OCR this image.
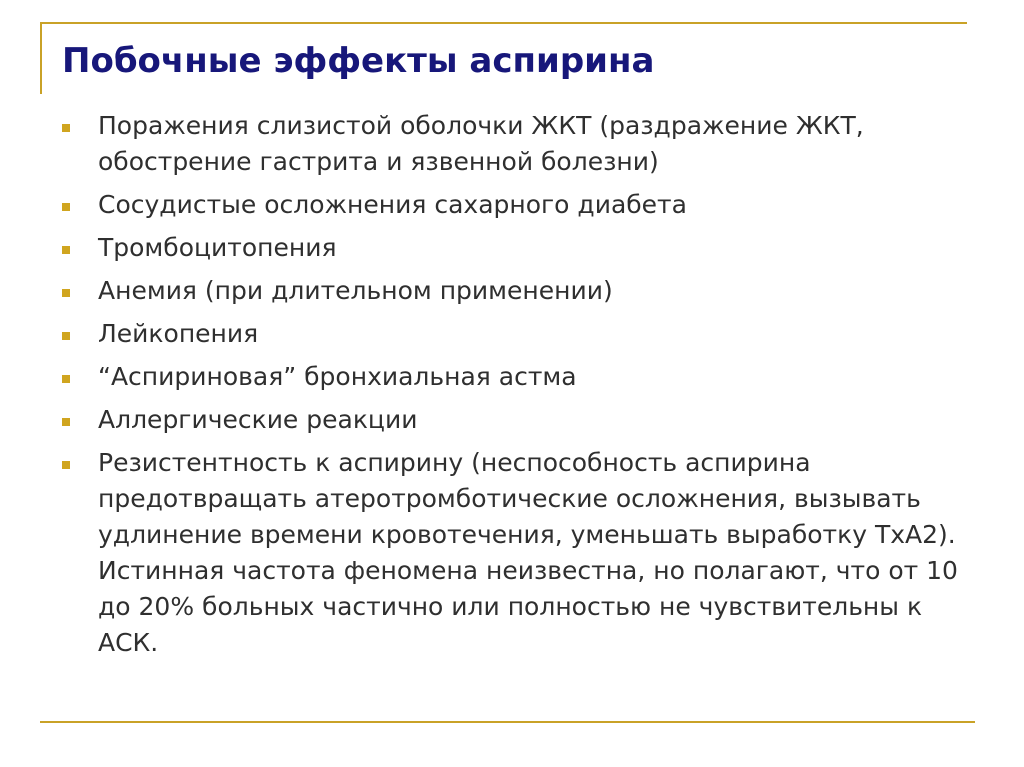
Побочные эффекты аспирина
Поражения слизистой оболочки ЖКТ (раздражение ЖКТ, обострение гастрита и язвенной болезни)
Сосудистые осложнения сахарного диабета
Тромбоцитопения
Анемия (при длительном применении)
Лейкопения
“Аспириновая” бронхиальная астма
Аллергические реакции
Резистентность к аспирину (неспособность аспирина предотвращать атеротромботические осложнения, вызывать удлинение времени кровотечения, уменьшать выработку ТхА2). Истинная частота феномена неизвестна, но полагают, что от 10 до 20% больных частично или полностью не чувствительны к АСК.
